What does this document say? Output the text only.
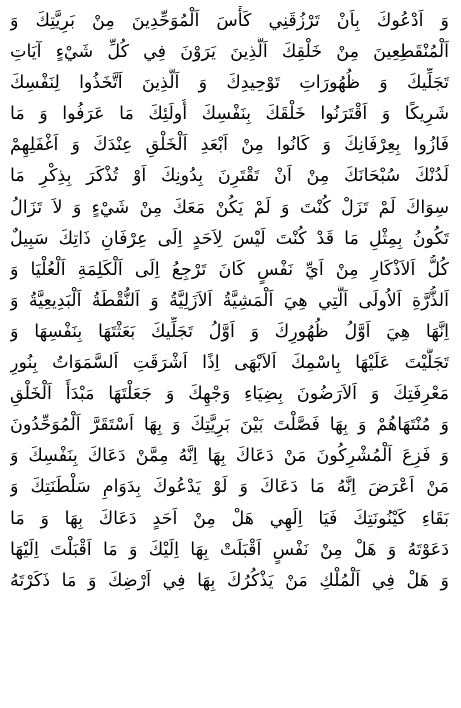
وَ اَدْعُوكَ بِاَنْ تَرْزُقَنِي كَأْسَ اَلْمُوَحِّدِينَ مِنْ بَرِيَّتِكَ وَ
اَلْمُنْقَطِعِينَ مِنْ خَلْقِكَ اَلَّذِينَ يَرَوْنَ فِي كُلِّ شَيْءٍ آيَاتِ
تَجَلِّيكَ وَ ظُهُورَاتِ تَوْحِيدِكَ وَ اَلَّذِينَ اَتَّخَذُوا لِنَفْسِكَ
شَرِيكًا وَ اَقْتَرَنُوا خَلْقَكَ بِنَفْسِكَ أُولَئِكَ مَا عَرَفُوا وَ مَا
فَازُوا بِعِرْفَانِكَ وَ كَانُوا مِنْ اَبْعَدِ اَلْخَلْقِ عِنْدَكَ وَ اَغْفَلِهِمْ
لَدُنْكَ سُبْحَانَكَ مِنْ اَنْ تَقْتَرِنَ بِدُونِكَ اَوْ تُذْكَرَ بِذِكْرِ مَا
سِوَاكَ لَمْ تَزَلْ كُنْتَ وَ لَمْ يَكُنْ مَعَكَ مِنْ شَيْءٍ وَ لاَ تَزَالُ
تَكُونُ بِمِثْلِ مَا قَدْ كُنْتَ لَيْسَ لِاَحَدٍ اِلَى عِرْفَانِ ذَاتِكَ سَبِيلٌ
كُلُّ اَلاَذْكَارِ مِنْ اَيِّ نَفْسٍ كَانَ تَرْجِعُ اِلَى اَلْكَلِمَةِ اَلْعُلْيَا وَ
اَلذُّرَّةِ اَلاُولَى اَلَّتِي هِيَ اَلْمَشِيَّةُ اَلاَزَلِيَّةُ وَ اَلنُّقْطَةُ اَلْبَدِيعِيَّةُ وَ
اِنَّهَا هِيَ اَوَّلُ ظُهُورِكَ وَ اَوَّلُ تَجَلِّيكَ بَعَثْتَهَا بِنَفْسِهَا وَ
تَجَلَّيْتَ عَلَيْهَا بِاسْمِكَ اَلاَبْهَى اِذًا اَشْرَقَتِ اَلسَّمَوَاتُ بِنُورِ
مَعْرِفَتِكَ وَ اَلاَرَضُونَ بِضِيَاءِ وَجْهِكَ وَ جَعَلْتَهَا مَبْدَأَ اَلْخَلْقِ
وَ مُنْتَهَاهُمْ وَ بِهَا فَصَّلْتَ بَيْنَ بَرِيَّتِكَ وَ بِهَا اَسْتَقَرَّ اَلْمُوَحِّدُونَ
وَ فَزِعَ اَلْمُشْرِكُونَ مَنْ دَعَاكَ بِهَا اِنَّهُ مِمَّنْ دَعَاكَ بِنَفْسِكَ وَ
مَنْ اَعْرَضَ اِنَّهُ مَا دَعَاكَ وَ لَوْ يَدْعُوكَ بِدَوَامِ سَلْطَنَتِكَ وَ
بَقَاءِ كَيْنُونَتِكَ فَيَا اِلَهِي هَلْ مِنْ اَحَدٍ دَعَاكَ بِهَا وَ مَا
دَعَوْتَهُ وَ هَلْ مِنْ نَفْسٍ اَقْبَلَتْ بِهَا اِلَيْكَ وَ مَا اَقْبَلْتَ اِلَيْهَا
وَ هَلْ فِي اَلْمُلْكِ مَنْ يَذْكُرُكَ بِهَا فِي اَرْضِكَ وَ مَا ذَكَرْتَهُ
